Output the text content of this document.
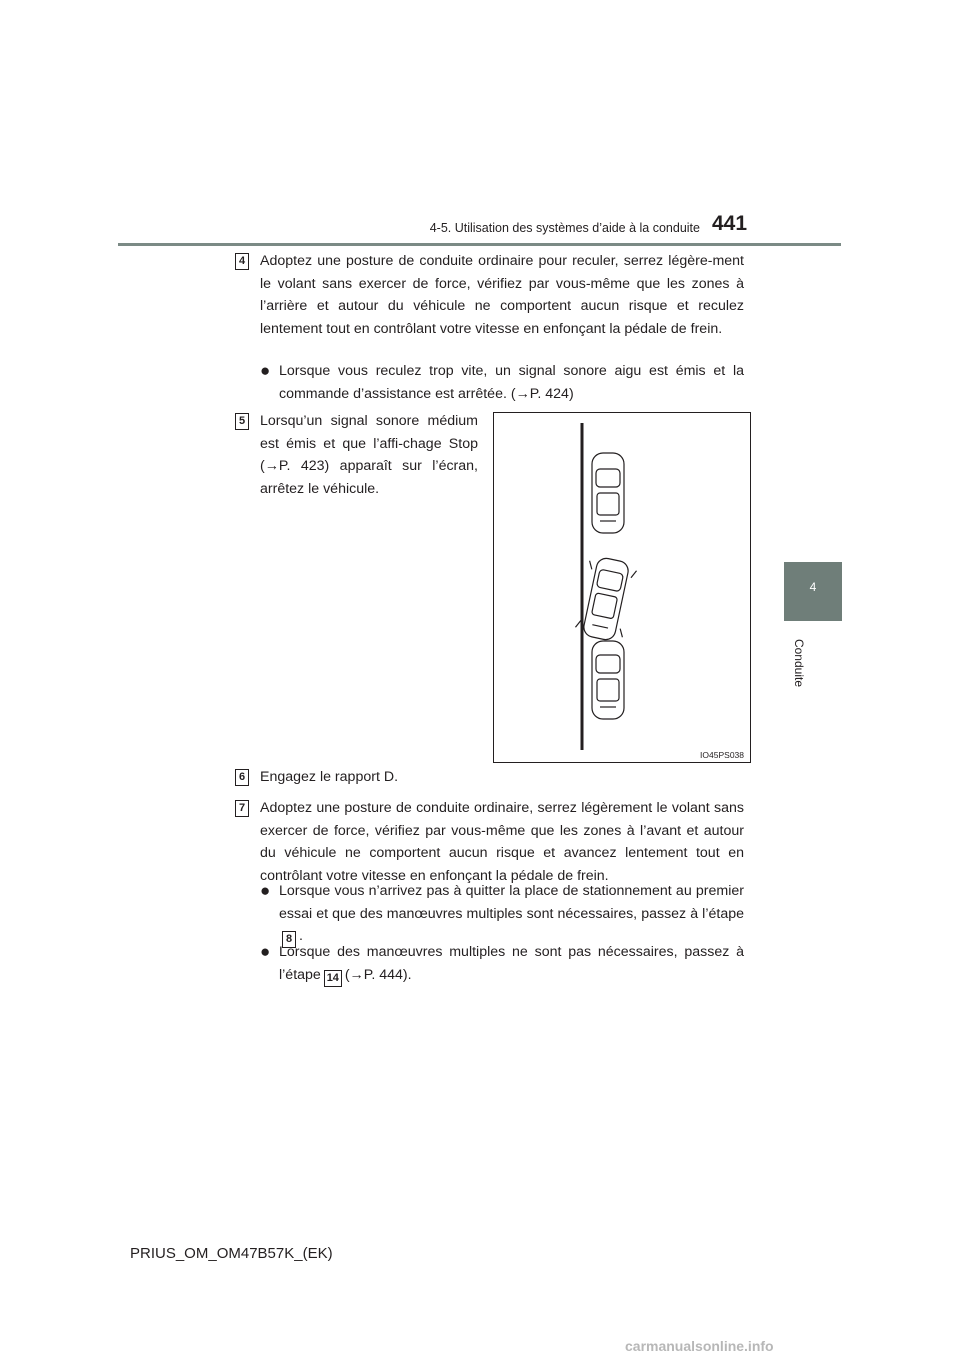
4-5. Utilisation des systèmes d’aide à la conduite 441
4
Conduite
4 Adoptez une posture de conduite ordinaire pour reculer, serrez légère-ment le volant sans exercer de force, vérifiez par vous-même que les zones à l’arrière et autour du véhicule ne comportent aucun risque et reculez lentement tout en contrôlant votre vitesse en enfonçant la pédale de frein.
● Lorsque vous reculez trop vite, un signal sonore aigu est émis et la commande d’assistance est arrêtée. (→P. 424)
5 Lorsqu’un signal sonore médium est émis et que l’affi-chage Stop (→P. 423) apparaît sur l’écran, arrêtez le véhicule.
IO45PS038
6 Engagez le rapport D.
7 Adoptez une posture de conduite ordinaire, serrez légèrement le volant sans exercer de force, vérifiez par vous-même que les zones à l’avant et autour du véhicule ne comportent aucun risque et avancez lentement tout en contrôlant votre vitesse en enfonçant la pédale de frein.
● Lorsque vous n’arrivez pas à quitter la place de stationnement au premier essai et que des manœuvres multiples sont nécessaires, passez à l’étape8 .
● Lorsque des manœuvres multiples ne sont pas nécessaires, passez à l’étape 14 (→P. 444).
PRIUS_OM_OM47B57K_(EK)
carmanualsonline.info
